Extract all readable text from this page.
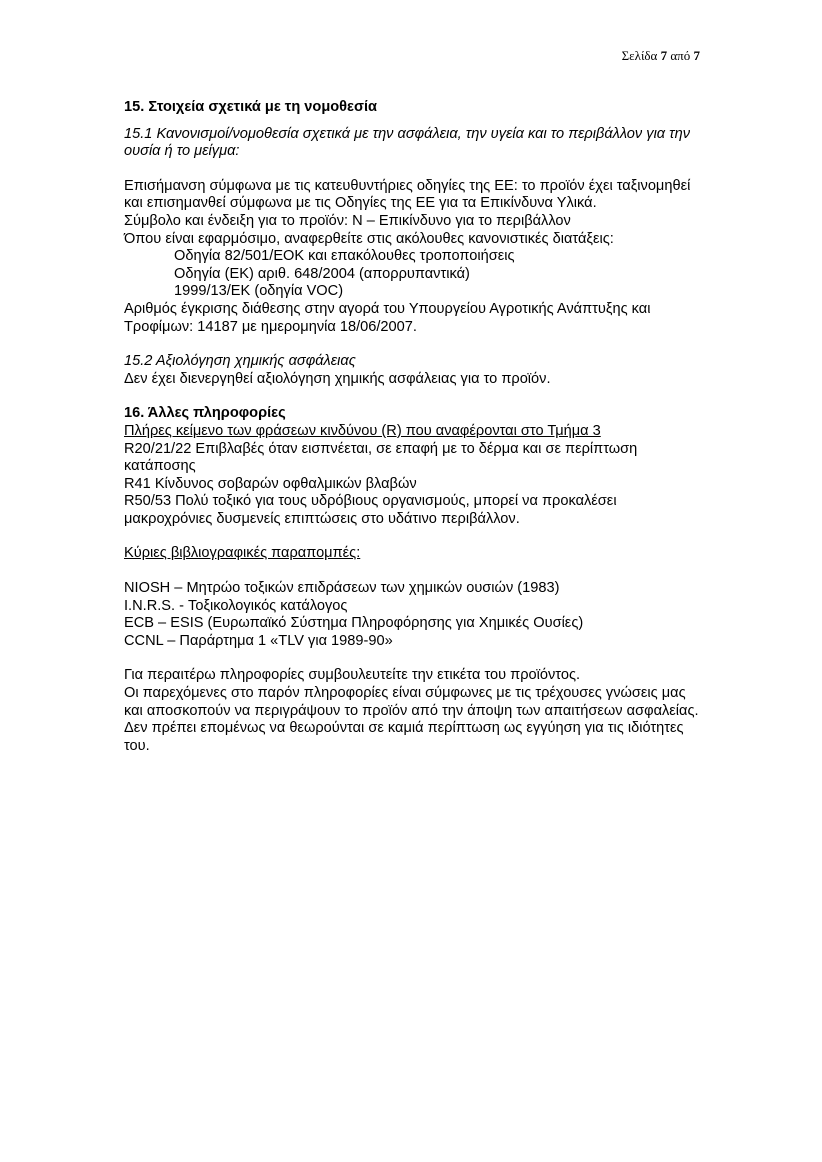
Σελίδα 7 από 7

15. Στοιχεία σχετικά με τη νομοθεσία

15.1 Κανονισμοί/νομοθεσία σχετικά με την ασφάλεια, την υγεία και το περιβάλλον για την ουσία ή το μείγμα:

Επισήμανση σύμφωνα με τις κατευθυντήριες οδηγίες της ΕΕ: το προϊόν έχει ταξινομηθεί και επισημανθεί σύμφωνα με τις Οδηγίες της ΕΕ για τα Επικίνδυνα Υλικά.

Σύμβολο και ένδειξη για το προϊόν: N – Επικίνδυνο για το περιβάλλον

Όπου είναι εφαρμόσιμο, αναφερθείτε στις ακόλουθες κανονιστικές διατάξεις:

Οδηγία 82/501/ΕΟΚ και επακόλουθες τροποποιήσεις

Οδηγία (ΕΚ) αριθ. 648/2004 (απορρυπαντικά)

1999/13/ΕΚ (οδηγία VOC)

Αριθμός έγκρισης διάθεσης στην αγορά του Υπουργείου Αγροτικής Ανάπτυξης και Τροφίμων: 14187 με ημερομηνία 18/06/2007.

15.2 Αξιολόγηση χημικής ασφάλειας

Δεν έχει διενεργηθεί αξιολόγηση χημικής ασφάλειας για το προϊόν.

16. Άλλες πληροφορίες

Πλήρες κείμενο των φράσεων κινδύνου (R) που αναφέρονται στο Τμήμα 3

R20/21/22 Επιβλαβές όταν εισπνέεται, σε επαφή με το δέρμα και σε περίπτωση κατάποσης

R41 Κίνδυνος σοβαρών οφθαλμικών βλαβών

R50/53 Πολύ τοξικό για τους υδρόβιους οργανισμούς, μπορεί να προκαλέσει μακροχρόνιες δυσμενείς επιπτώσεις στο υδάτινο περιβάλλον.

Κύριες βιβλιογραφικές παραπομπές:

NIOSH – Μητρώο τοξικών επιδράσεων των χημικών ουσιών (1983)

I.N.R.S. - Τοξικολογικός κατάλογος

ECB – ESIS (Ευρωπαϊκό Σύστημα Πληροφόρησης για Χημικές Ουσίες)

CCNL – Παράρτημα 1 «TLV για 1989-90»

Για περαιτέρω πληροφορίες συμβουλευτείτε την ετικέτα του προϊόντος.

Οι παρεχόμενες στο παρόν πληροφορίες είναι σύμφωνες με τις τρέχουσες γνώσεις μας και αποσκοπούν να περιγράψουν το προϊόν από την άποψη των απαιτήσεων ασφαλείας. Δεν πρέπει επομένως να θεωρούνται σε καμιά περίπτωση ως εγγύηση για τις ιδιότητες του.
